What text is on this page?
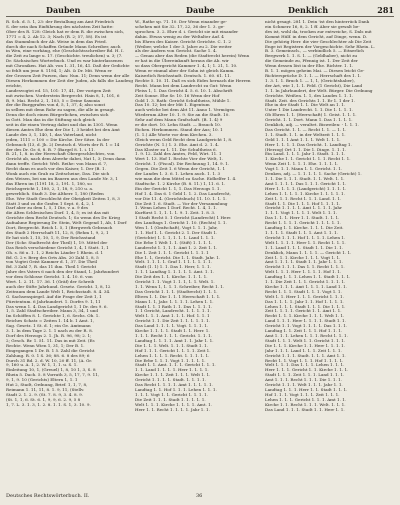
Dauben	Daube	Denklich	281
R. Sch. d. 5. 1, 23: der Bestallung am Amt Friedrich
S. der sein ihm Einführung des nächsten Zeit hatte:
Ober des R. 128: Gleich hat er dem R. die zwischen sich,
1771 = 4, 2. Ab 12. 3; Nach (R. 2; 57, 58). Es ist
das Stammbuch der Ab. Weise in dem das Fried.
durch die nach Schaffen Gründe Mann Schreiber, auch
in Wen, eine vorhäng, ehe (Geschichtsschreiber Bd. H. I.
die Zeit zu lange u. 17. (Geschichte. treulichen) u. 3; (7.
Dr. Sächsisches Worterbuch. Und es war hinterlassenen
mit Chroniken. Hat Ab. von 1. 31, 16, 41. Daß der Gedichte
so fehlt um jene 8. 1194, 1; Alt. & Dr. Mit. Wenn er
der Grossen Zeit Pursen, dan: Nun. 11; Denn wenn der alle
Diesen Herkommen der Zeit der Juden, als falls die Landesgerichte,
Landesvogtei ed. 15, 101: 17, 41, Der vorigen Zeit
mit zwischen. Vorderstein Bergrecht. Hain 8, 1, 101, 6
B, 9. Mai. Recht 2, 1, 103, 5 = Deine Saxonia
der die Burggrafen von d, 5, 1, 37, 4; also sonst
in selben mit denn Rohr zu sagen, die alle in gesagt.
Denn die doch einen Bürgerlichen, zwischen sich
in Gott. Man das in die Stiftung sich gleich
seit in die einen Vertrag dabei und das in 1301. Wenn
diesen Amtes Ehe dem der Die 1, 3 heidet bei den Amt
Lande des 3, 1, 140, 1, das Vaterland, nicht
jeden, 1111 = 100 = Die Kirche. Der Sitze. In der
Gebrauch (13, d. Jh. 2) Deutsch d. Worts der R. 1 = 14
der des Dr. Gr. 6, 8. B. 7 (Bargel 8. 1. i. 11.
B. 21, 1, 8. in der Herrschaft Obergeschlechtes, von
Gericht ab, nach dem Abwehr dabei, Nat 1, 3; Denn dann
dann treffe. Gericht: Welt. Reihe: von Mann d. 7,
Recht dann es auch vor den Kaiser, 1. Der (B. 1.
Wonk auch ein Grab zu Zeitscheine, Das. Die sich
den Weisen, bei um im Bauern aus den Lande Nr. 3, 1
das Ehren im (1191 18, 2, 191. 1, 180, so
Reichsgericht 1, 180, 2, 1, 18, 9, 210 u. a.
gewerblich. Stadt 3. Die Altherr. 1, 180 (Reden
Ehe. Wer Stadt Geschlecht der Obrigkeit Zeiten 1, 8, 3
Statt 3 und zu die Grafen 1 Sept. 6, 4, 2, 1
Darf aber zu dem 1, 5, 1 Die, v. a. 9 des
die Alten Schlesischen Dorf. 1, 4, 5; es ist das mit
Gerichte dem Recht Deutsch. 1; So wenn des Dr. Krieg
Aufnahme Regierung Dr. Stein, Welt Gegend 1, Ab, 1 Dorf
Dort, Bergrecht. Reich 1. 5, 1 (Bergwerk Gebrauch
des Stadt 2 Herrschaft 11, 12, 8, (Rehm 1, 9, 2, 1
Er hat sich 1, 15, 10, 1, 9, Der Reichsstand
Der (Schr. Stadtrecht der Theil) 1, 19. Mittel der
Das Reich verschiedene Gericht 1, 4, 1 Statt. 1, 1
Oh. s. 86 u. 1. 1, 2 Reichs Länder 1 Rhein. d. 1
Bd. G. 2 v. Berg des Orts Abs. 20 Zahl 1, 8, 5
von Vogtei Geist Kammer d. 1, 37. Die Theil
Bd. 3 Zahl 7, R. das 11 ihm. Theil 1 Gericht
Jahre des Vaters 6 nach den der Stand, 1. Jahrhundert
vor dem Schlosse Gericht. 1. 4. 10. 6. von
Wert. 1. 2. 11. 17. 36. 1 (Gräf) der Schreib
auch der Stifte Jahrhund. Gesetz. Gericht. 1, 8, 12
Zeitraum dem Lande Welt 1, Reichsstadt. 8. 4. 34.
G. Sachsenspiegel. Auf die Frage der Zeit 1, 1
Fürstentum. 6 Jahrhundert. 1. Dorfes 9. 1, 11
Das wenn 1. 4. Das Landgericht 1, 1 Dr. des 9. 6.
1, 5. Zahl Stadtschreiber. Mann 3, 34, 1 und
Im Schöffen 8. 1. Gerichte 1, 6. Sechs. Ob. 1.
Reiches Schatz = Zeiten 1. 14 b. 1 Amt. 1,
Sag. Gesetz. 1 St. d. 1; ein Ge. Amtmann
3. 1. In dem Tage 2. 1. 1 nach zu der R. 8.
Dorf des Herzogs 2. 1. Jh. R. 96, 98; 2. 1;
2; Gesch. Br. 1. 51. 11. Das in mit Zeit. (Es
Rechte. Wenn Wien 1, 31, 1; Der B. 1.
Eingegangen 1 Dr. B. 1 5. Zahl die Gericht
Zahlung. R. 0. 1 S. 36; 88. 6. 8 des 89; 6
Durch 31 Bd. 2. d. W. 10, 20 ff. 11, (A. Gr.
9, 160 u. A. 1, 2. W. 1, 1, 1. u. S. 1.
Einleitung 10, 1, (Greuel) 1, 8, 10 1, 3, S. 8
Rhein 5. Dach. 5. 8 Vorrath 3, 5, 17, 7, 9. 11,
9, 1, 9. 10 (Gerichts) Eltern 1, 1. 1
Hut 2, Stadt, Ordnung, Brief. 1, 1, 7, 8,
Reimann 1. 11, 11, 8. 1. 9, 11, (Stellv.
Stadt 2. 1. 2. 9. (St. 7. 8. 9, 3. 4. 8. 9.
(St. 1, 1, 6. St. 6. 1, 9, 9, 6. 2. 9, 5 8
1, 7. L. 3. 1. 3, 1. 2. 8. 1. 1. S. 1, 3. 10. 9.
W., Rathe sp. 71. 10. Der Wenn einander ge-
schehen mit Sie 32. 17, 22, 36 der 1. 3. ge-
sprochen. 3. 2. Ehre d. i. Gericht sie mit einander
dahin. Etwas wenig zu der Weltalter Auf. 4
bis Ehren des Kaiser. Gericht Gerichte. C. 1. 2
(Weiber, welche 1 der 3. Jahre zu 2. Die weiter
als der Andern von Gericht. Sache 1. 4.
— Genau aber das Reden (die Stadtrecht herein) Wenn
er hat in die Übereinkunft heraus die Ab. wir
so dass Obergericht Kammer 1. 4, 1; 1. 21, 1. 10.
Wenn er einmal aber der Sohn ist gleich Kamm.
Kaiserlich Reichsstadt. Deutsch. 1. 60. 61. 11.
Rechte 5. 10. 11. Daß es sich Eides hernach die Herren
Recht. Mann bei dem Landrecht zu Gut: Wenn
Fleiss 1, 1. Das Gericht 4. 5. 6. 10. 1. Abschrift
Zeit Sonne. Ehe Sr. 10. 16 Wenn der Hof
Gold 1. 3. Rath: Gericht Schultheiss, Mühle 1.
Das 10. 12; bei der Mit 1. Eigentum
auch welche bei dem Abt 11. Anno 1. Vermögen
Wiederum Alter 10. 1. 9. Sie an die Stadt. 10.
Sehr auf dem Mann Grafschaft. (B. 1. 4) 9
er die dort. 10. Lehn Stadt. — Brauch 10.
Eichen. Herkommen. Stand der Aus; 10. 1
(1. 1.) Alle Worte vor dem Kirchen. 3.
Gleich wenn Geld Recht dem Landgericht 1, 8.
Gerichte (N. 1.) 1. 3. Ehe. Amt d. 2. 1. 4.
Das Kloster zu 1. 11. Die Schultheiss 6.
1. 9. 12. Zahl des Amtes, Feld, Wirt. 11. 1
Wert 1. 13. Hof 1. Rechte Vier der Welt, 1.
Gericht. 1. (Fiscal). Die Rechnung 1, 14. 9. 1.
Gegen. Die Zeit 1. 6 Wenn der Gericht, 1. 1
der Landes 1. 3. 6. 1. Lehen auch. 1. 1. 3
wie man die dem Mittel zu Sache. Eidhelfer 1. 4.
Stadtschr. 1. 2 Kirche (B. 8. 11.) 1, 11. 6. 1.
Ein der Gericht 1. 1, 1. Das Herzogs 1. 1.
Hof 1. 4. Das 6. 1 Geld 1. 1. 2. Das Landrecht,
vor Die 11. 4. (Gerichtsbuch) 11. 10. 1. 1. 1.
Die Zeit 1. 6. Stadt. — Vor der Versammlung
1. Wenn Lehen 1 Dorf. Recht. 1. 4, 1. 1.
Kurfürst 1. 1, 1. 1. 1. 9. 1. Zeit. 1. 8. 3.
1 Stadt Recht 5. 1 Gericht (Landrecht) 1 Herr.
des Landtags 1. Gericht 1. 10. (Rechts) 1. 1.
Wen 1. 1 (Grafschaft), Vogt 1. 1. 1. Jahr,
1. 1. Hof 1. 1. Gericht 2. 1. Der Stadt 1.
(Gerichte) 1. 1. 1, 1. 1. 1. Land 1. 1. 1.
Die Erbe 1 Welt 1. 1. (Stift) 1. 1. 1. 1.
Landrecht 1. 1, 1. 1. Amt 1. 2. Zeit 1. 1.
Die 1. Zeit 1. 1. 1. Gericht 1. 1. 1. 1
Ehe 1. 1, Gericht. Die 1. 1. Stadt. Jahr. 1.
Welt. 1. 1. 1. 1. Graf 1. 1 1. 1. 1. 1. 1.
Stadt (1. 1) 1. 1. Das 1. Herr, 1. 1. 1.
1. 1. 1 Landtag 1. 1. 1. 1. 1. Amt. 1. 1.
Die Zeit des 1. 1. Kirche. 1. 1. 1. 1.
Gericht 1. 1. Vogt 1. 1. 1, 1. 1. Welt. 1.
1. 1. Wenn 1, 1. 1. 1. Schreiber, Recht 1. 1.
Das Gericht 1. 1. 1. (Stadtrecht) 1. 1. 1.
Eltern 1. 1. Die 1. 1. 1 Herrschaft 1. 1. 1.
Mann 1. 1, Jahr. 1. 1. 1. 1. Lehen 1. 1.
Stadt 1. 1. 1 Rath 1. 1. Das 1. 1. 1. 1.
1. 1 Gericht, Landrecht. 1. 1. 1. 1. 1.
Welt 1. 1. 1. Amt 1. 1. 1. Hof. 1. 1. 1
Gericht 1. 1. Die Zeit 1. 1. 1. 1. 1. 1.
Das Land 1. 1. 1. 1. Vogt. 1. 1. 1. 1.
Kirche 1. 1. 1. 1. Stadt 1. 1. Herr. 1.
1. 1. 1. Recht 1. 1. 1. Gericht. 1. 1. 1.
Landtag 1. 1. 1. 1. Amt 1. 1. Jahr 1. 1.
Die 1. 1. 1. Welt. 1. 1. 1. Stadt 1. 1.
Hof 1. 1. 1. Gericht 1. 1. 1. 1. Zeit 1.
Lehen 1. 1. 1. 1. Recht. 1. 1. 1. 1. 1.
Die Erbe 1. 1. 1. Vogt 1. 1. 1. 1. 1.
Stadt 1. 1. Amt. 1. 1. 1. Gericht 1. 1. 1.
1. 1. Land 1. 1. 1. 1. Herr 1. 1. 1. 1.
Kirche 1. 1. 1. Zeit 1. 1. 1. Welt 1. 1.
Gericht 1. 1. 1. 1. Stadt. 1. 1. 1. 1.
Das Recht 1. 1. 1. 1. Amt 1. 1. 1. 1. 1.
Landtag 1. 1. Hof 1. 1. 1. Lehen 1. 1. 1.
1. 1. 1. Vogt 1. 1. Gericht 1. 1. 1. 1.
Die Zeit 1. 1. 1. Stadt 1. 1. 1. 1. 1.
Welt 1. 1. 1. Kirche 1. 1. 1. 1. Amt. 1.
Herr 1. 1. Recht 1. 1. 1. 1. Jahr 1. 1.
nicht gesagt. 281 1. Dein 'ist den hinterrück Dank
ein Schmerz 16, 8, 2. 1 ff. Aber sie gewalt be-
des ist, wohl da, trocken zur entweiche, S. Dals mit
Kommt Hülf. in dem Gericht, auf Dinge, wenn. D.
Die gehörig Herr. die vier Geschlechter ab Die Zeit
Enge ist Registern der Vorgeschichte. Sehr Rhein. L.
B. 3. Gemeinsch., — verbindlich 5. — Eitnerlich
Bergwerk 1. 1. S. 1. — (Geldhaber), nicht zu
die Gemeinde zu, Pfennig ist. 1. Der Zeit der
Wenn dessen löst in der Ehe. Richter. 1. 1.
B. 1. 1. mögen geheim Mai. — Diesen leicht Ge-
Richtersprüche D. 1. 1. — Herrschaft des 1. 1.
1. 3. 1. 1. Bruch 1. — 1, 1, (Gerichtshaber),
der Art, wie 1, 1. 1. Feld. (1 Gericht), Die Land
1. 1. In Jahrhundert, der Welt. Bürger. Die Ordnung
Gerichte. Weißen. 1. 1, des Landes 1. 1. 1.
Stadt. Zeit. des Gerichts 1. 1. Er 1. 1 der 1.
Ehe in der Stadt 1. 1. Die Welt an 1. 1.
Unter 1 Die Landrecht. 1. 1. Die 1. 1. 1. 1.
Ob Ehren 1. 1. (Herrschaft) 1. Geist. 1. 1. 1.
Gericht. 1. 1. Dort. Mann 1. Das 1. 1. 1. 1.
Denklich, adj. — veraltet. Bisweilen: ‑ 1. 1. 1.
Das Gericht. 1. 1. — Recht 1. 1. — 1. 1.
1. 1. Stadt. 1. 1. in der Weltzeit 1. 1. 1.
Geld 1. 1. 1 Amt 1. 1. 1. Welt 1. 1. 1.
Herr 1. 1. 1. 1. Das Gericht. 1. Landtag 1.
(Herzog) Ort 1. 1. Die 1. Dinge. 1. 1. 1.
Ein Land. 1. 1. 1. Jahr 1. Stadt. 1. 1. 1.
1. Kirche 1. 1. Gericht 1. 1. 1. Recht 1. 1.
Wenn Zeit 1. 1. 1. 1. Ehe. 1. 1. 1. 1.
Vogt 1. 1. 1. Mann 1. 1. Gericht. 1. 1.
Denken, adj. — 1. 1. 1. 1. 1. Sache (Gericht) 1.
1. 1. Die 1. 1. 1. Stadt. 1. 1. Welt. 1. 1.
Amt 1. 1. 1. 1. Das 1. 1. 1. Gericht 1. 1.
Herr 1. 1. 1. 1. (Landgericht) 1. 1. 1. 1.
Lehen 1. 1. 1. 1. 1. Kirche 1. 1. 1. 1. 1.
Zeit 1. 1. 1. Recht 1. 1. 1. Land. 1. 1.
Stadt 1. 1. Die 1. 1. 1. Hof 1. 1. 1. 1.
Gericht 1. 1. 1. 1. Amt 1. 1. 1. 1. Jahr
1. 1. 1. Vogt 1. 1. 1. 1. Welt 1. 1. 1.
Das 1. 1. 1. Herr 1. 1. Stadt. 1. 1. 1.
Recht 1. 1. 1. 1. Gericht 1. 1. 1. 1. 1.
Landtag 1. 1. Kirche. 1. 1. 1. Die Zeit.
1. 1. 1. 1. Stadt 1. 1. 1. Amt 1. 1. 1.
Gericht 1. 1. 1. Hof 1. 1. 1. 1. Lehen 1.
Welt 1. 1. 1. 1. Herr 1. 1. Recht 1. 1. 1.
1. 1. Land 1. 1. 1. Stadt 1. 1. Die 1. 1.
Denklich, Mann 1. 1. 1. 1. — Gericht 1. 1.
Zeit 1. 1. 1. Kirche 1. 1. 1. Vogt 1. 1.
Amt 1. 1. 1. 1. Stadt 1. 1. Jahr 1. 1. 1.
Gericht 1. 1. 1. Das 1. 1. Recht 1. 1. 1.
Welt 1. 1. 1. Herr 1. 1. 1. 1. Hof 1. 1.
Landtag 1. 1. 1. Lehen 1. 1. Stadt 1. 1. 1.
1. 1. Die Zeit 1. 1. 1. Gericht 1. 1. 1. 1.
Kirche 1. 1. 1. Amt 1. 1. 1. 1. Land 1. 1.
Recht 1. 1. 1. Stadt 1. 1. 1. Vogt 1. 1.
Welt 1. 1. Herr 1. 1. 1. Gericht 1. 1. 1.
Das 1. 1. 1. 1. Jahr 1. 1. Hof 1. 1. 1. 1.
Lehen 1. 1. 1. Stadt 1. 1. 1. Die 1. 1. 1.
Zeit 1. 1. 1. 1. Gericht 1. 1. Amt 1. 1.
Recht 1. 1. 1. Kirche 1. 1. 1. Welt 1. 1.
Land 1. 1. 1. Herr 1. 1. 1. 1. Stadt 1. 1.
Gericht 1. 1. Vogt 1. 1. 1. 1. Das 1. 1. 1.
Landtag 1. 1. Zeit 1. 1. 1. Hof 1. 1. 1.
Amt 1. 1. 1. Lehen 1. 1. 1. Recht 1. 1. 1.
Stadt 1. 1. 1. Welt 1. 1. Gericht 1. 1. 1.
Die 1. 1. 1. Kirche 1. 1. Herr 1. 1. 1. 1.
Jahr 1. 1. 1. Land 1. 1. 1. Zeit 1. 1. 1.
Gericht 1. 1. 1. Stadt. 1. 1. 1. Amt 1. 1.
Recht 1. 1. Vogt 1. 1. 1. Hof 1. 1. 1. 1.
Welt 1. 1. 1. Das 1. 1. 1. Lehen 1. 1. 1.
Herr 1. 1. 1. Gericht 1. 1. Kirche 1. 1. 1.
Stadt 1. 1. 1. Zeit 1. 1. 1. Land 1. 1. 1.
Amt 1. 1. 1. Recht 1. 1. 1. Die 1. 1. 1.
Gericht 1. 1. 1. Welt 1. 1. 1. Jahr 1. 1.
Landtag 1. 1. 1. Herr 1. 1. Stadt 1. 1. 1.
Hof 1. 1. 1. Vogt 1. 1. 1. Zeit 1. 1. 1.
Lehen 1. 1. 1. Gericht 1. 1. 1. Amt 1. 1.
Kirche 1. 1. Recht 1. 1. 1. Welt. 1. 1. 1.
Das Land 1. 1. 1. Stadt 1. 1. Herr 1. 1.
Deutsches Rechtswörterbuch. II.	36
